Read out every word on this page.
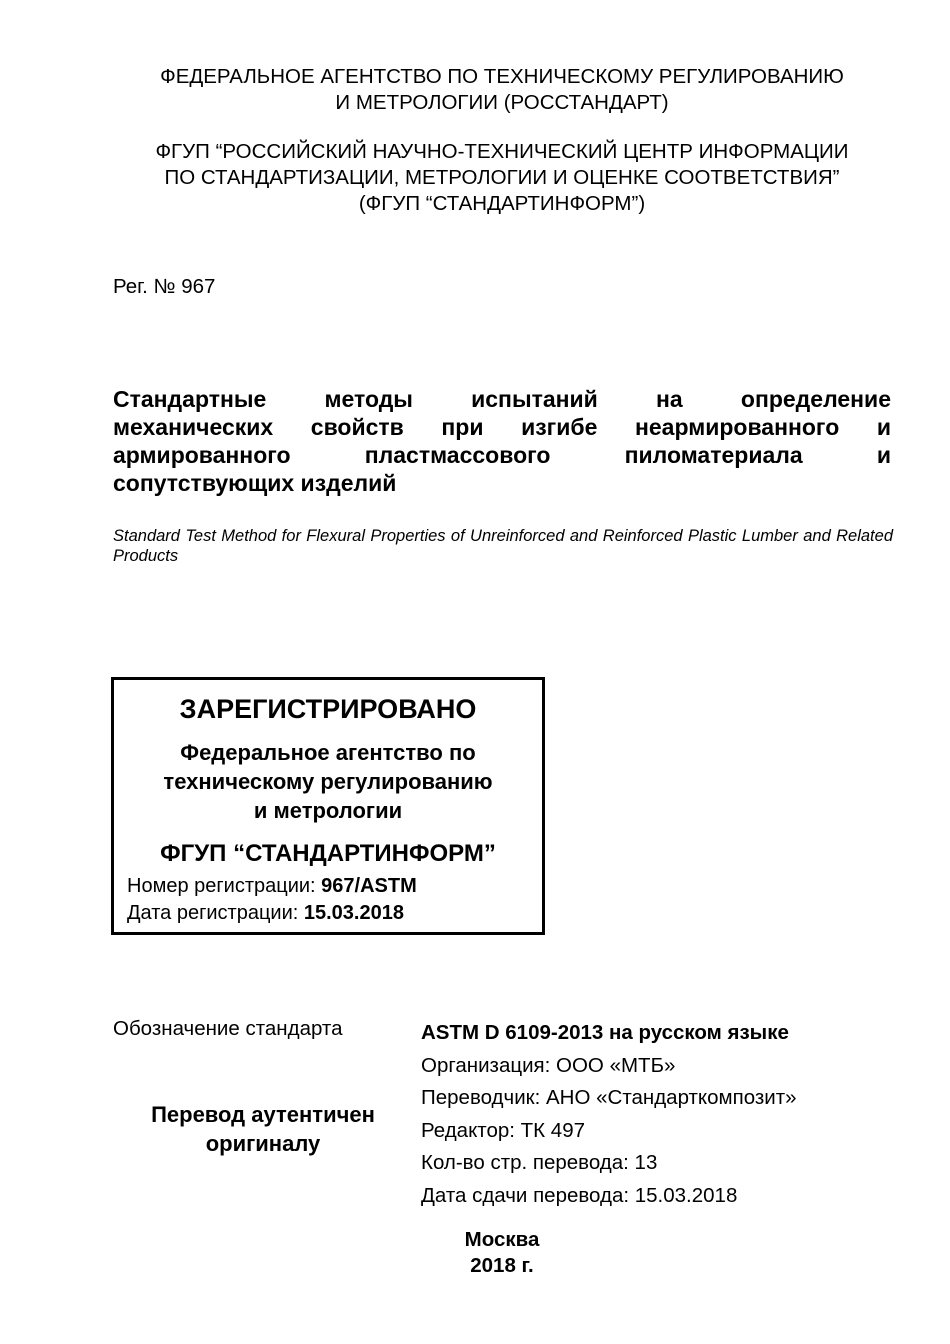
ФЕДЕРАЛЬНОЕ АГЕНТСТВО ПО ТЕХНИЧЕСКОМУ РЕГУЛИРОВАНИЮ
И МЕТРОЛОГИИ (РОССТАНДАРТ)
ФГУП “РОССИЙСКИЙ НАУЧНО-ТЕХНИЧЕСКИЙ ЦЕНТР ИНФОРМАЦИИ
ПО СТАНДАРТИЗАЦИИ, МЕТРОЛОГИИ И ОЦЕНКЕ СООТВЕТСТВИЯ”
(ФГУП “СТАНДАРТИНФОРМ”)
Рег. № 967
Стандартные	методы	испытаний	на	определение
механических свойств при изгибе неармированного и
армированного	пластмассового	пиломатериала	и
сопутствующих изделий
Standard Test Method for Flexural Properties of Unreinforced and Reinforced Plastic Lumber and Related Products
ЗАРЕГИСТРИРОВАНО
Федеральное агентство по
техническому регулированию
и метрологии
ФГУП “СТАНДАРТИНФОРМ”
Номер регистрации: 967/ASTM
Дата регистрации: 15.03.2018
Обозначение стандарта
Перевод аутентичен
оригиналу
ASTM D 6109-2013 на русском языке
Организация: ООО «МТБ»
Переводчик: АНО «Стандарткомпозит»
Редактор: ТК 497
Кол-во стр. перевода: 13
Дата сдачи перевода: 15.03.2018
Москва
2018 г.
